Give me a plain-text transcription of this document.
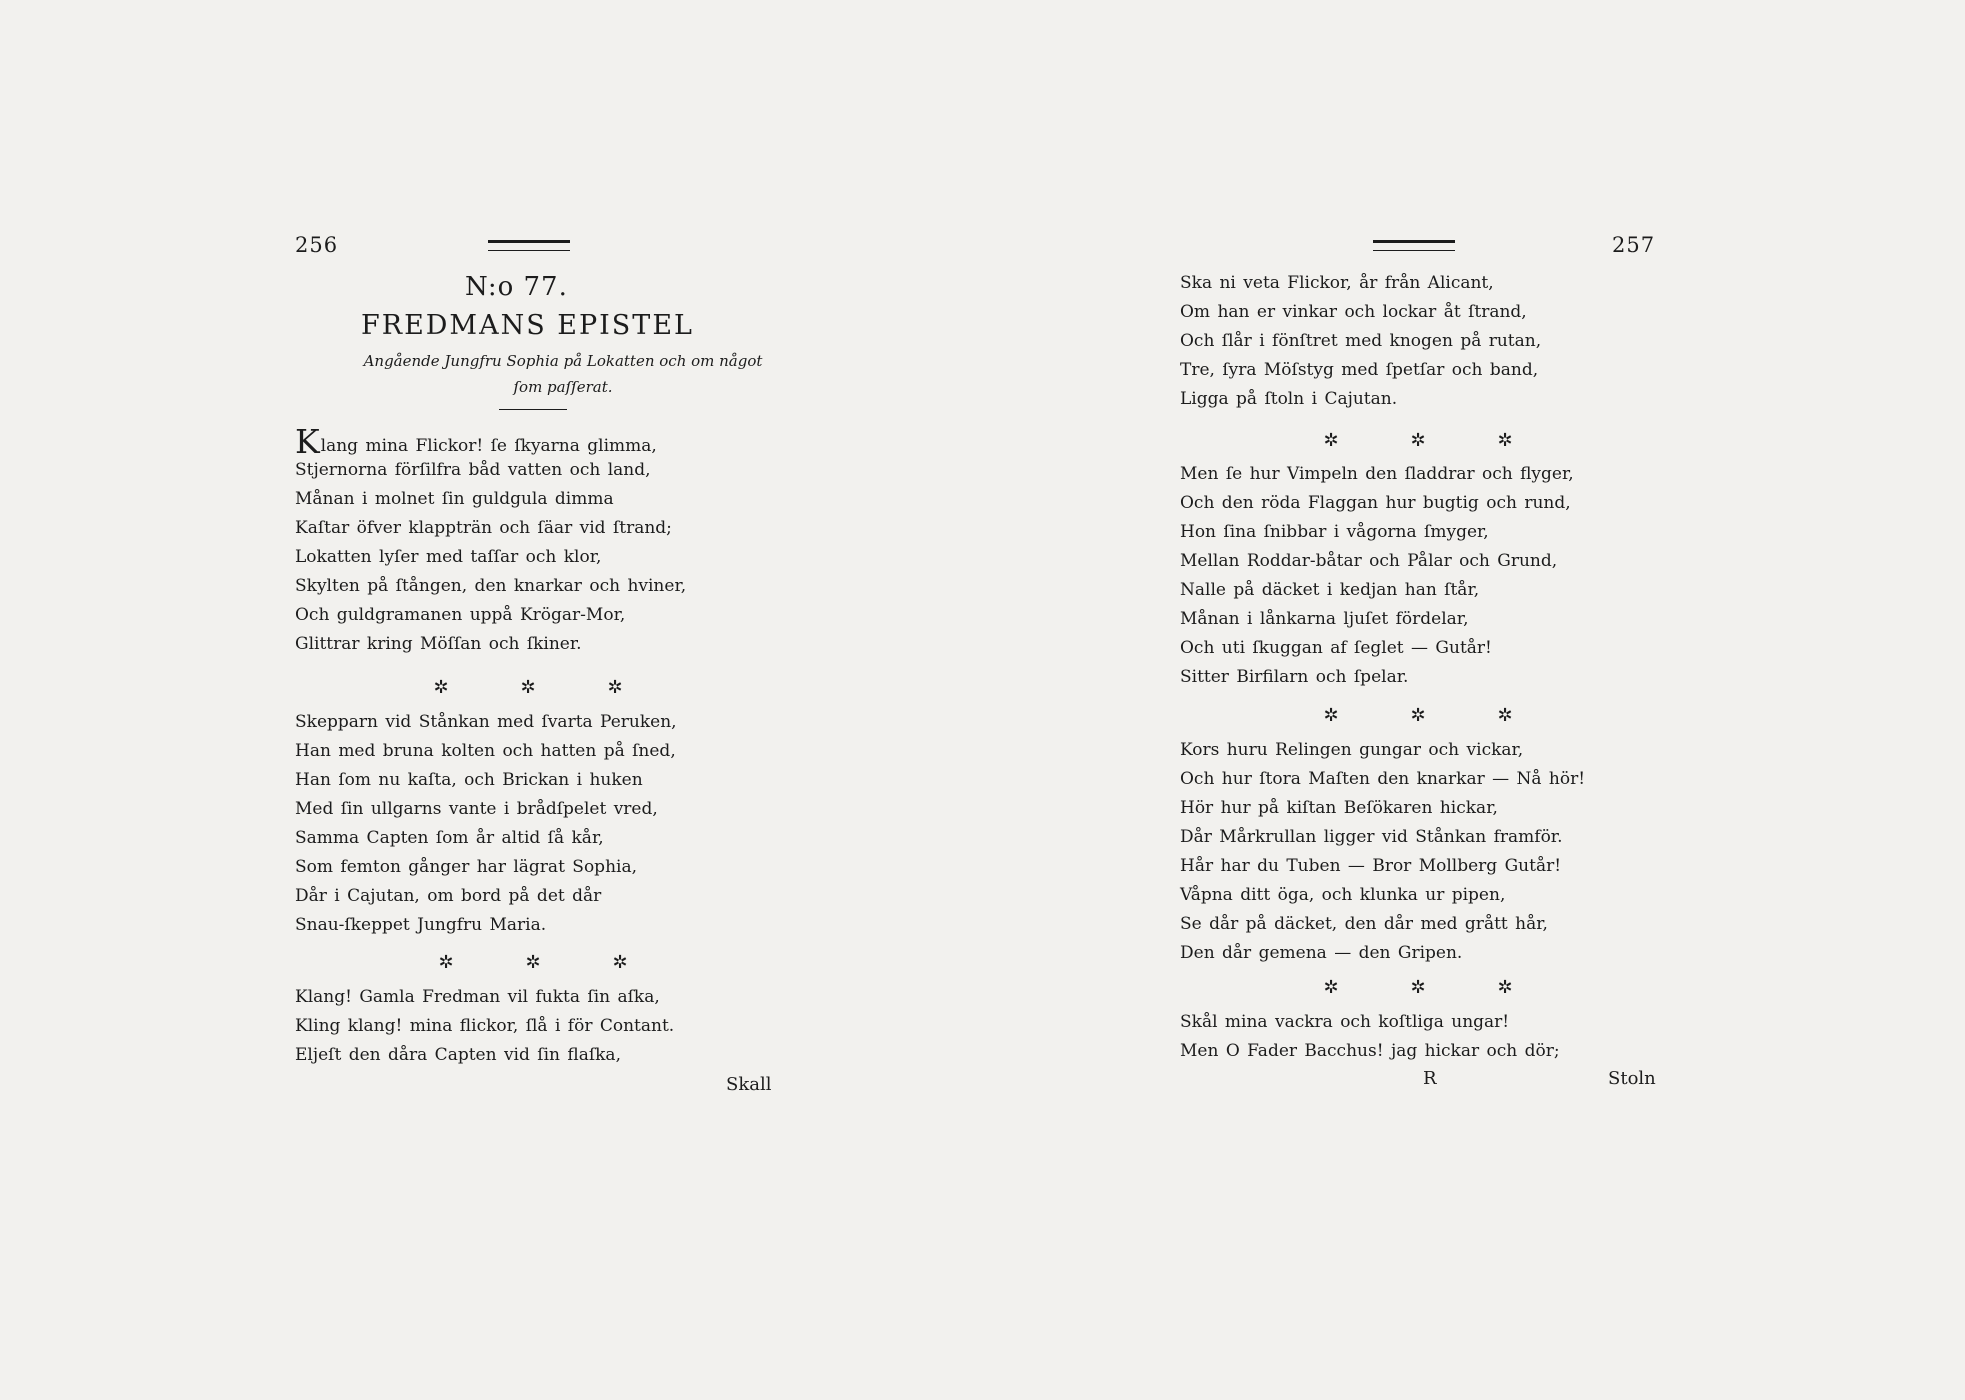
256
N:o 77.
FREDMANS EPISTEL
Angående Jungfru Sophia på Lokatten och om något
ſom paſſerat.
Klang mina Flickor! ſe ſkyarna glimma,
Stjernorna förſilfra båd vatten och land,
Månan i molnet ſin guldgula dimma
Kaſtar öfver klappträn och ſäar vid ſtrand;
Lokatten lyſer med taſſar och klor,
Skylten på ſtången, den knarkar och hviner,
Och guldgramanen uppå Krögar-Mor,
Glittrar kring Möſſan och ſkiner.
✲	✲	✲
Skepparn vid Stånkan med ſvarta Peruken,
Han med bruna kolten och hatten på ſned,
Han ſom nu kaſta, och Brickan i huken
Med ſin ullgarns vante i brådſpelet vred,
Samma Capten ſom år altid ſå kår,
Som femton gånger har lägrat Sophia,
Dår i Cajutan, om bord på det dår
Snau-ſkeppet Jungfru Maria.
✲	✲	✲
Klang! Gamla Fredman vil fukta ſin aſka,
Kling klang! mina flickor, ſlå i för Contant.
Eljeſt den dåra Capten vid ſin flaſka,
Skall
257
Ska ni veta Flickor, år från Alicant,
Om han er vinkar och lockar åt ſtrand,
Och ſlår i fönſtret med knogen på rutan,
Tre, ſyra Möſstyg med ſpetſar och band,
Ligga på ſtoln i Cajutan.
✲	✲	✲
Men ſe hur Vimpeln den ſladdrar och flyger,
Och den röda Flaggan hur bugtig och rund,
Hon ſina ſnibbar i vågorna ſmyger,
Mellan Roddar-båtar och Pålar och Grund,
Nalle på däcket i kedjan han ſtår,
Månan i lånkarna ljuſet fördelar,
Och uti ſkuggan af ſeglet — Gutår!
Sitter Birfilarn och ſpelar.
✲	✲	✲
Kors huru Relingen gungar och vickar,
Och hur ſtora Maſten den knarkar — Nå hör!
Hör hur på kiſtan Beſökaren hickar,
Dår Mårkrullan ligger vid Stånkan framför.
Hår har du Tuben — Bror Mollberg Gutår!
Våpna ditt öga, och klunka ur pipen,
Se dår på däcket, den dår med grått hår,
Den dår gemena — den Gripen.
✲	✲	✲
Skål mina vackra och koſtliga ungar!
Men O Fader Bacchus! jag hickar och dör;
R	Stoln
